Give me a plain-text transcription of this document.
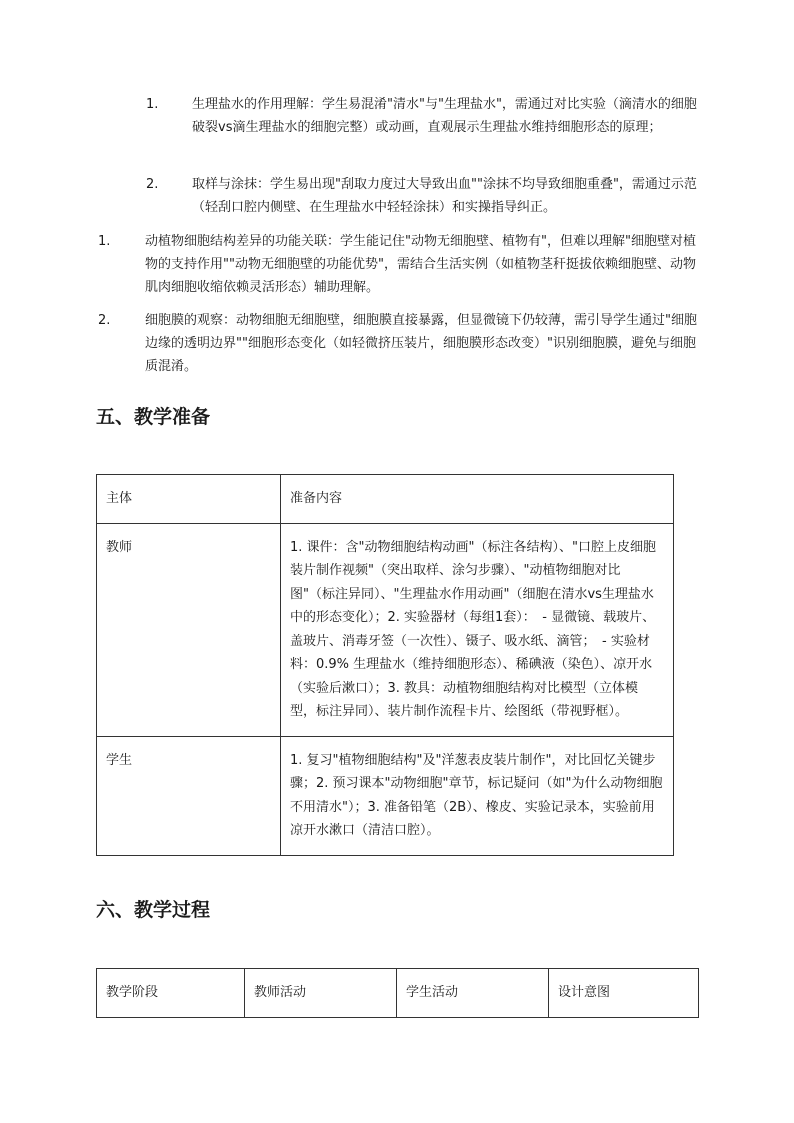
1.	生理盐水的作用理解：学生易混淆"清水"与"生理盐水"，需通过对比实验（滴清水的细胞破裂vs滴生理盐水的细胞完整）或动画，直观展示生理盐水维持细胞形态的原理；
2.	取样与涂抹：学生易出现"刮取力度过大导致出血""涂抹不均导致细胞重叠"，需通过示范（轻刮口腔内侧壁、在生理盐水中轻轻涂抹）和实操指导纠正。
1.	动植物细胞结构差异的功能关联：学生能记住"动物无细胞壁、植物有"，但难以理解"细胞壁对植物的支持作用""动物无细胞壁的功能优势"，需结合生活实例（如植物茎秆挺拔依赖细胞壁、动物肌肉细胞收缩依赖灵活形态）辅助理解。
2.	细胞膜的观察：动物细胞无细胞壁，细胞膜直接暴露，但显微镜下仍较薄，需引导学生通过"细胞边缘的透明边界""细胞形态变化（如轻微挤压装片，细胞膜形态改变）"识别细胞膜，避免与细胞质混淆。
五、教学准备
主体	准备内容
教师	1. 课件：含"动物细胞结构动画"（标注各结构）、"口腔上皮细胞装片制作视频"（突出取样、涂匀步骤）、"动植物细胞对比图"（标注异同）、"生理盐水作用动画"（细胞在清水vs生理盐水中的形态变化）；2. 实验器材（每组1套）：　- 显微镜、载玻片、盖玻片、消毒牙签（一次性）、镊子、吸水纸、滴管；　- 实验材料：0.9% 生理盐水（维持细胞形态）、稀碘液（染色）、凉开水（实验后漱口）；3. 教具：动植物细胞结构对比模型（立体模型，标注异同）、装片制作流程卡片、绘图纸（带视野框）。
学生	1. 复习"植物细胞结构"及"洋葱表皮装片制作"，对比回忆关键步骤；2. 预习课本"动物细胞"章节，标记疑问（如"为什么动物细胞不用清水"）；3. 准备铅笔（2B）、橡皮、实验记录本，实验前用凉开水漱口（清洁口腔）。
六、教学过程
教学阶段	教师活动	学生活动	设计意图
